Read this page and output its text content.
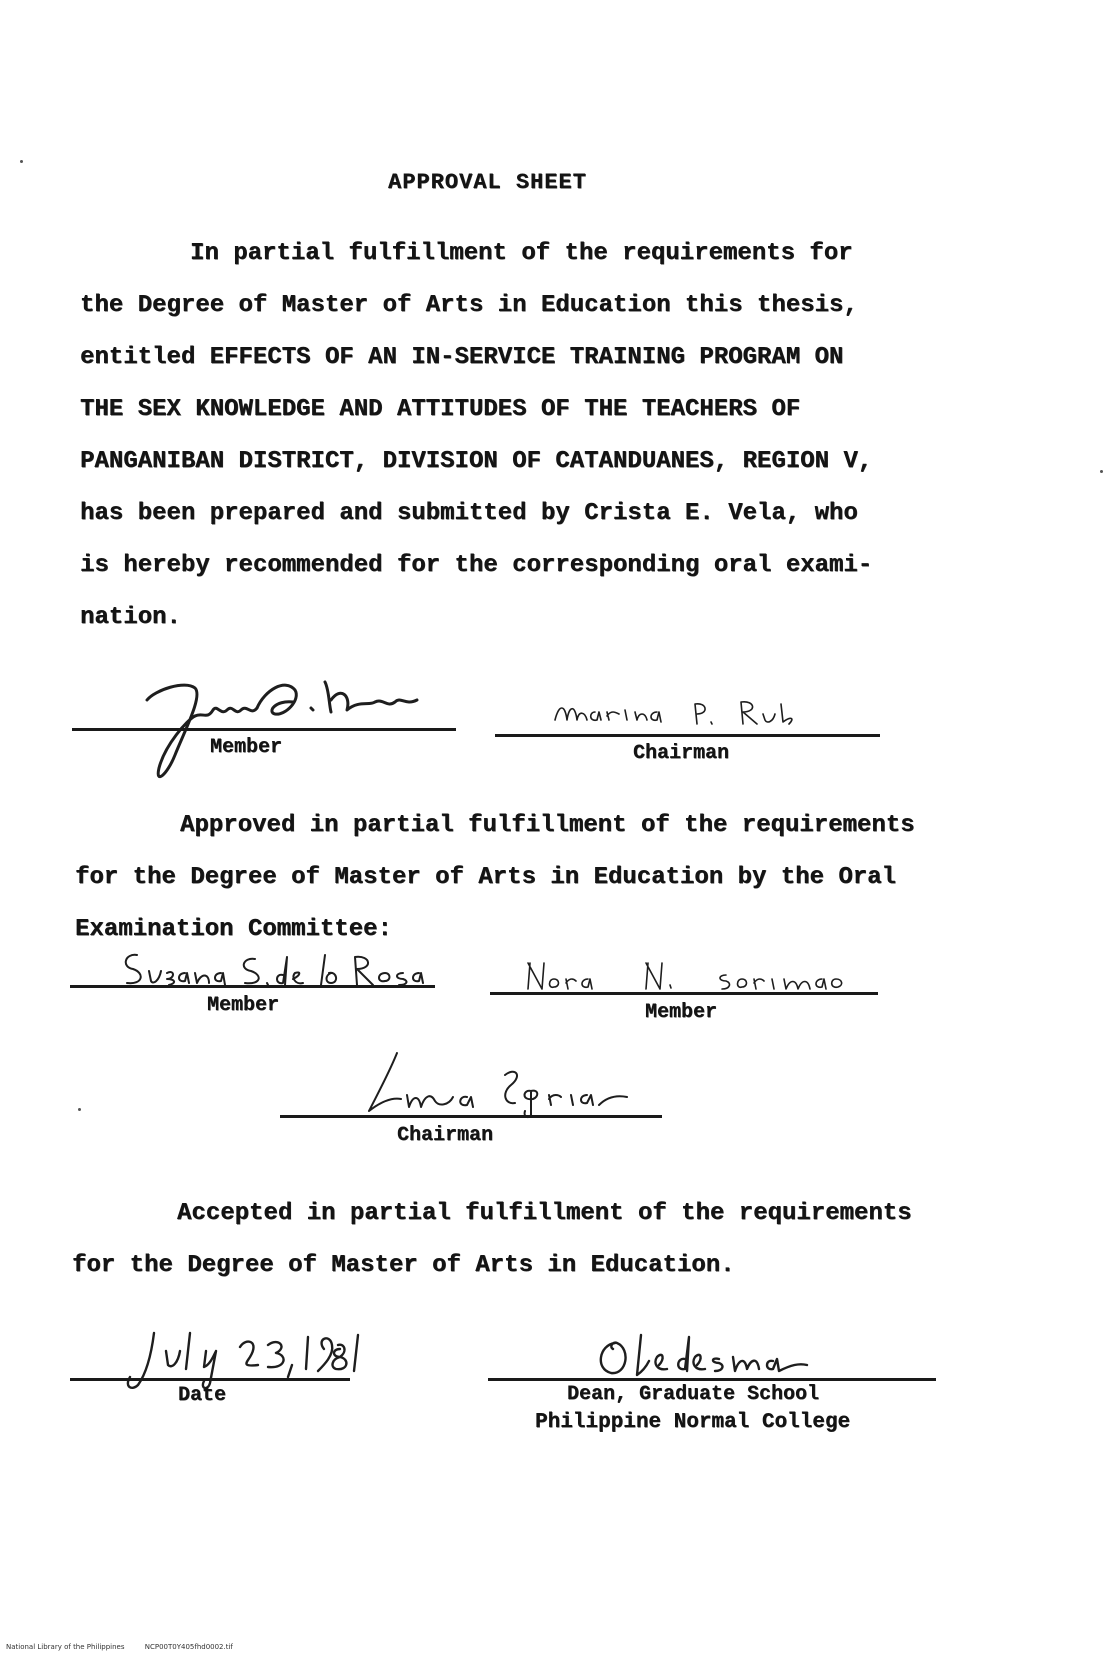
APPROVAL SHEET

In partial fulfillment of the requirements for
the Degree of Master of Arts in Education this thesis,
entitled EFFECTS OF AN IN-SERVICE TRAINING PROGRAM ON
THE SEX KNOWLEDGE AND ATTITUDES OF THE TEACHERS OF
PANGANIBAN DISTRICT, DIVISION OF CATANDUANES, REGION V,
has been prepared and submitted by Crista E. Vela, who
is hereby recommended for the corresponding oral exami-
nation.
Member	Chairman
Approved in partial fulfillment of the requirements
for the Degree of Master of Arts in Education by the Oral
Examination Committee:
Member	Member
Chairman
Accepted in partial fulfillment of the requirements
for the Degree of Master of Arts in Education.
Date	Dean, Graduate School
Philippine Normal College
National Library of the Philippines	NCP00T0Y405fhd0002.tif
